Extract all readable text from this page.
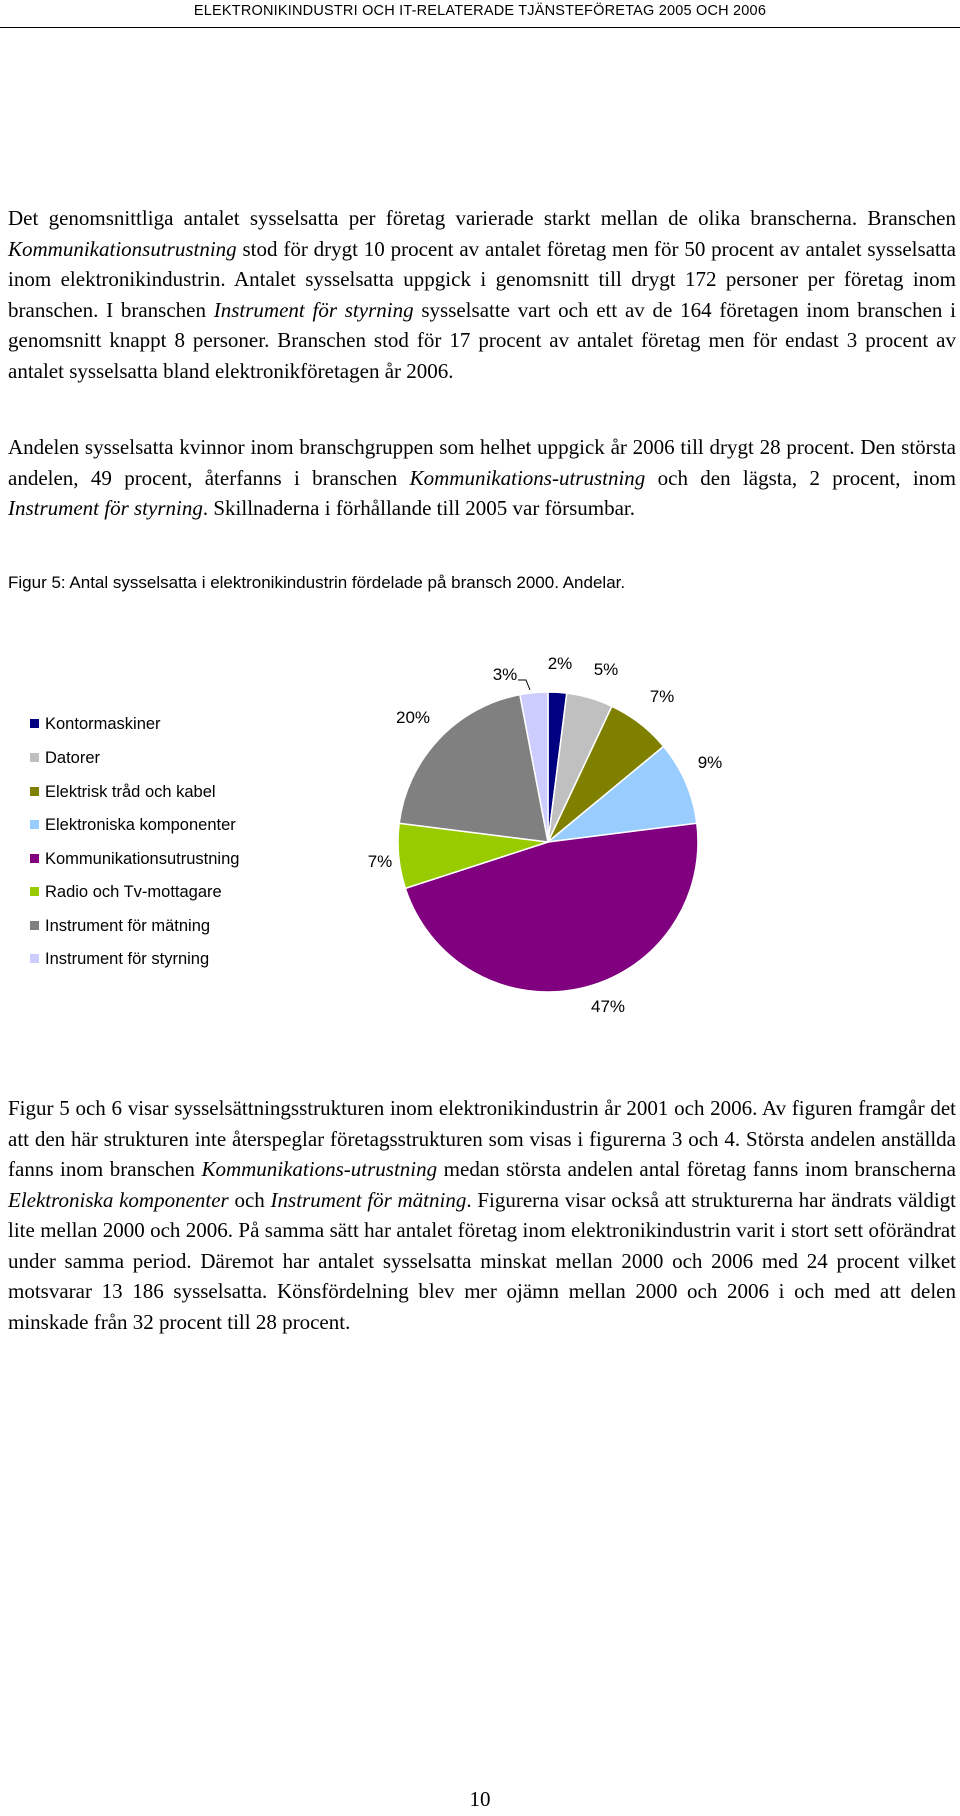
ELEKTRONIKINDUSTRI OCH IT-RELATERADE TJÄNSTEFÖRETAG 2005 OCH 2006

Det genomsnittliga antalet sysselsatta per företag varierade starkt mellan de olika branscherna. Branschen Kommunikationsutrustning stod för drygt 10 procent av antalet företag men för 50 procent av antalet sysselsatta inom elektronikindustrin. Antalet sysselsatta uppgick i genomsnitt till drygt 172 personer per företag inom branschen. I branschen Instrument för styrning sysselsatte vart och ett av de 164 företagen inom branschen i genomsnitt knappt 8 personer. Branschen stod för 17 procent av antalet företag men för endast 3 procent av antalet sysselsatta bland elektronikföretagen år 2006.

Andelen sysselsatta kvinnor inom branschgruppen som helhet uppgick år 2006 till drygt 28 procent. Den största andelen, 49 procent, återfanns i branschen Kommunikations-utrustning och den lägsta, 2 procent, inom Instrument för styrning. Skillnaderna i förhållande till 2005 var försumbar.

Figur 5: Antal sysselsatta i elektronikindustrin fördelade på bransch 2000. Andelar.

Kontormaskiner
Datorer
Elektrisk tråd och kabel
Elektroniska komponenter
Kommunikationsutrustning
Radio och Tv-mottagare
Instrument för mätning
Instrument för styrning
2% 5%
7%
9%
47%
7%
20%
3%

Figur 5 och 6 visar sysselsättningsstrukturen inom elektronikindustrin år 2001 och 2006. Av figuren framgår det att den här strukturen inte återspeglar företagsstrukturen som visas i figurerna 3 och 4. Största andelen anställda fanns inom branschen Kommunikations-utrustning medan största andelen antal företag fanns inom branscherna Elektroniska komponenter och Instrument för mätning. Figurerna visar också att strukturerna har ändrats väldigt lite mellan 2000 och 2006. På samma sätt har antalet företag inom elektronikindustrin varit i stort sett oförändrat under samma period. Däremot har antalet sysselsatta minskat mellan 2000 och 2006 med 24 procent vilket motsvarar 13 186 sysselsatta. Könsfördelning blev mer ojämn mellan 2000 och 2006 i och med att delen minskade från 32 procent till 28 procent.

10
